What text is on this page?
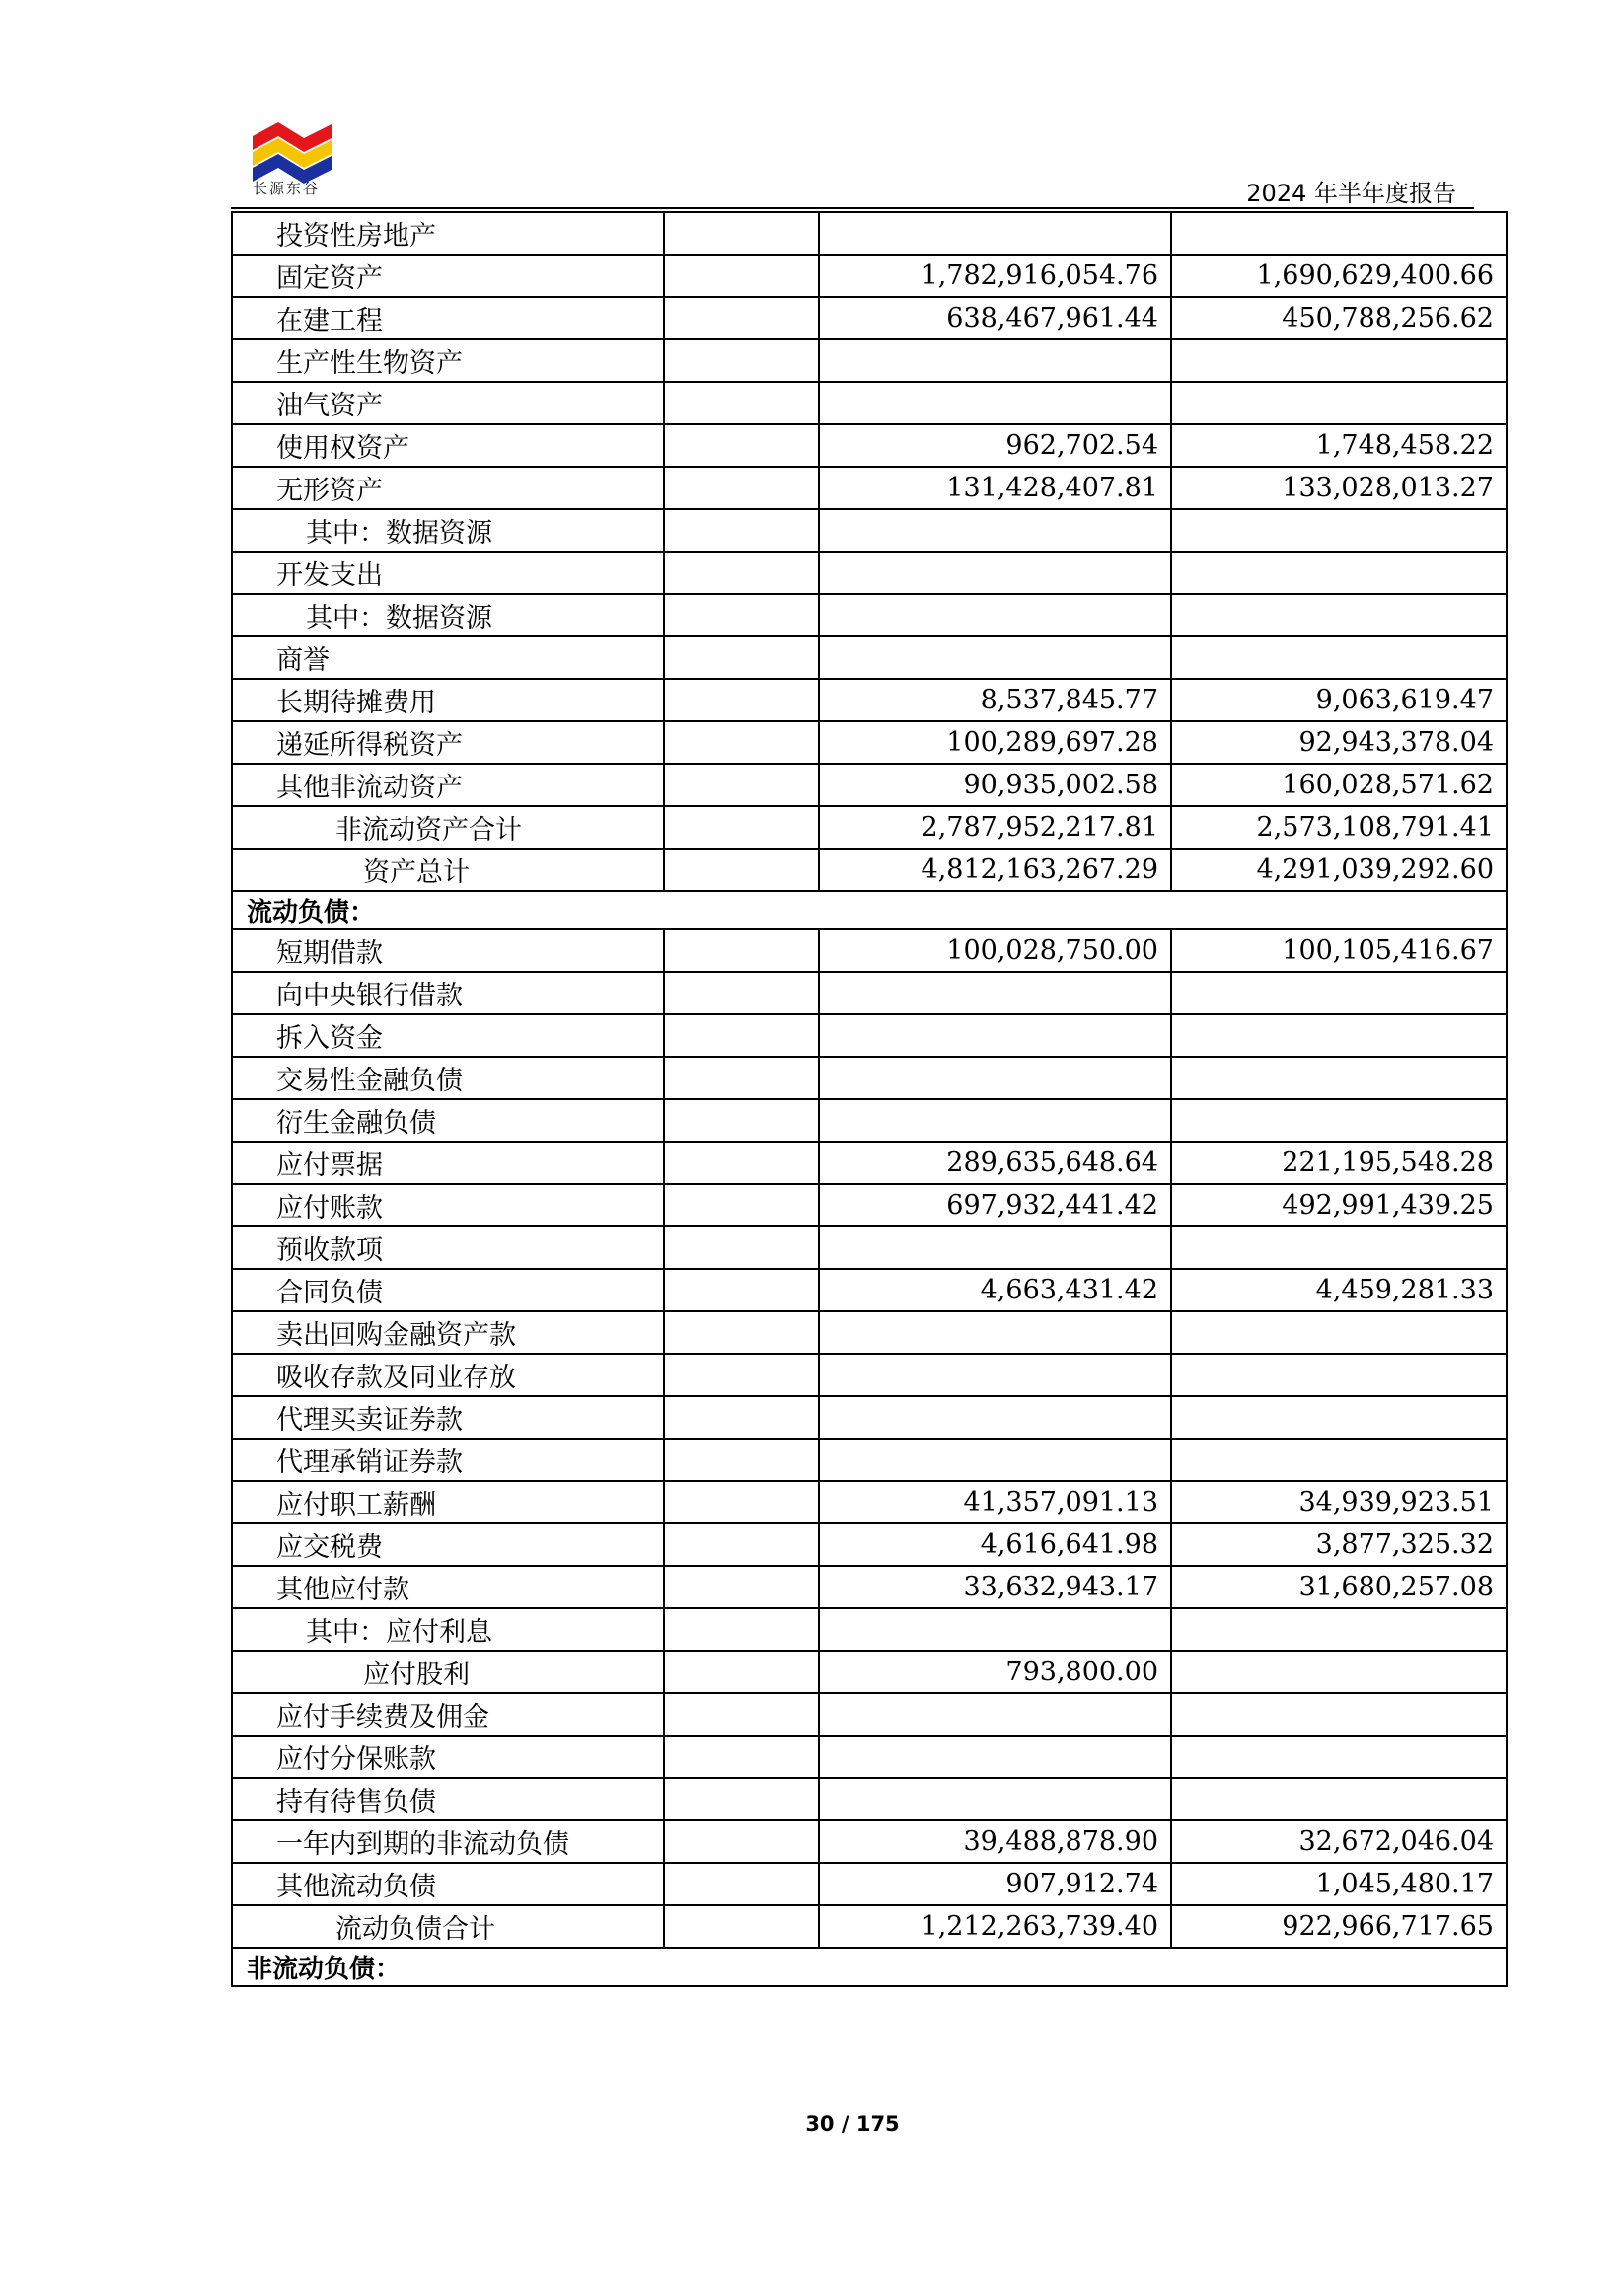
长源东谷	2024 年半年度报告
投资性房地产			
固定资产		1,782,916,054.76	1,690,629,400.66
在建工程		638,467,961.44	450,788,256.62
生产性生物资产			
油气资产			
使用权资产		962,702.54	1,748,458.22
无形资产		131,428,407.81	133,028,013.27
其中：数据资源			
开发支出			
其中：数据资源			
商誉			
长期待摊费用		8,537,845.77	9,063,619.47
递延所得税资产		100,289,697.28	92,943,378.04
其他非流动资产		90,935,002.58	160,028,571.62
非流动资产合计		2,787,952,217.81	2,573,108,791.41
资产总计		4,812,163,267.29	4,291,039,292.60
流动负债：			
短期借款		100,028,750.00	100,105,416.67
向中央银行借款			
拆入资金			
交易性金融负债			
衍生金融负债			
应付票据		289,635,648.64	221,195,548.28
应付账款		697,932,441.42	492,991,439.25
预收款项			
合同负债		4,663,431.42	4,459,281.33
卖出回购金融资产款			
吸收存款及同业存放			
代理买卖证券款			
代理承销证券款			
应付职工薪酬		41,357,091.13	34,939,923.51
应交税费		4,616,641.98	3,877,325.32
其他应付款		33,632,943.17	31,680,257.08
其中：应付利息			
应付股利		793,800.00	
应付手续费及佣金			
应付分保账款			
持有待售负债			
一年内到期的非流动负债		39,488,878.90	32,672,046.04
其他流动负债		907,912.74	1,045,480.17
流动负债合计		1,212,263,739.40	922,966,717.65
非流动负债：			
30 / 175
